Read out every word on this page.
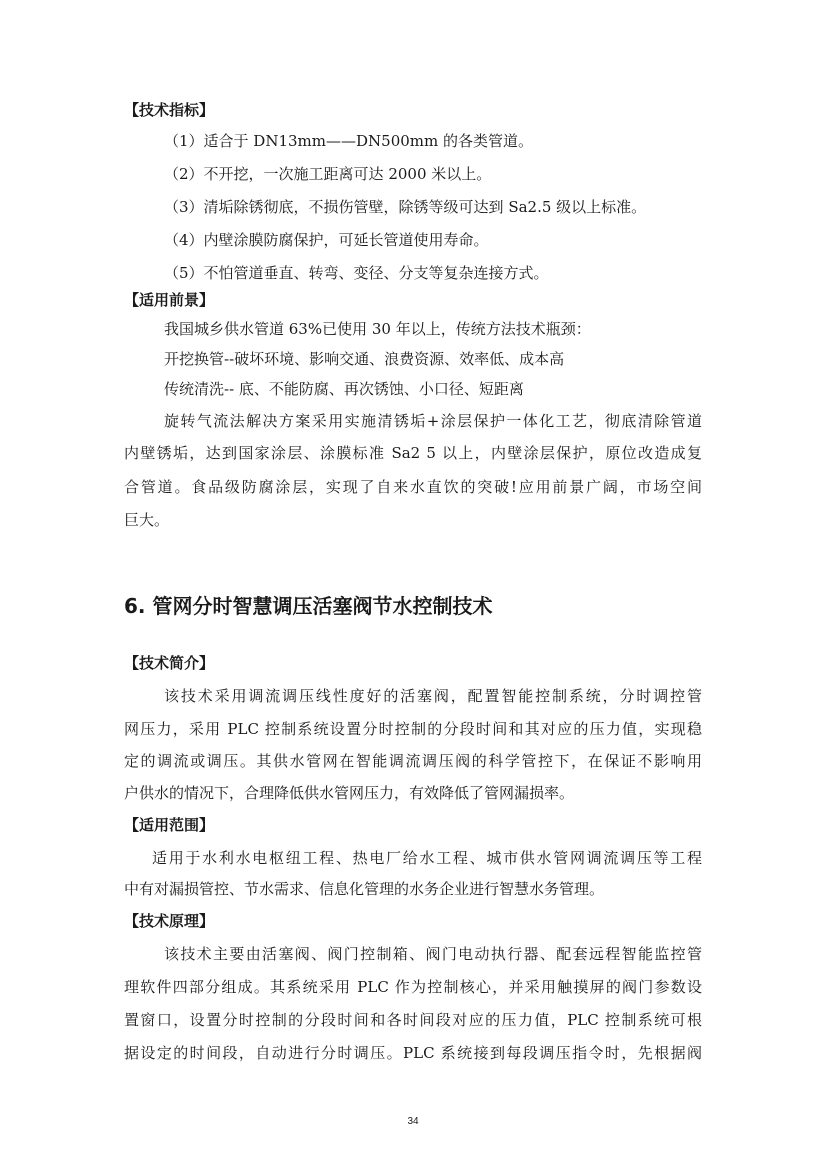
【技术指标】
（1）适合于 DN13mm——DN500mm 的各类管道。
（2）不开挖，一次施工距离可达 2000 米以上。
（3）清垢除锈彻底，不损伤管壁，除锈等级可达到 Sa2.5 级以上标准。
（4）内壁涂膜防腐保护，可延长管道使用寿命。
（5）不怕管道垂直、转弯、变径、分支等复杂连接方式。
【适用前景】
我国城乡供水管道 63%已使用 30 年以上，传统方法技术瓶颈：
开挖换管--破坏环境、影响交通、浪费资源、效率低、成本高
传统清洗-- 底、不能防腐、再次锈蚀、小口径、短距离
旋转气流法解决方案采用实施清锈垢+涂层保护一体化工艺，彻底清除管道
内壁锈垢，达到国家涂层、涂膜标准 Sa2 5 以上，内壁涂层保护，原位改造成复
合管道。食品级防腐涂层，实现了自来水直饮的突破!应用前景广阔，市场空间
巨大。
6. 管网分时智慧调压活塞阀节水控制技术
【技术简介】
该技术采用调流调压线性度好的活塞阀，配置智能控制系统，分时调控管
网压力，采用 PLC 控制系统设置分时控制的分段时间和其对应的压力值，实现稳
定的调流或调压。其供水管网在智能调流调压阀的科学管控下，在保证不影响用
户供水的情况下，合理降低供水管网压力，有效降低了管网漏损率。
【适用范围】
适用于水利水电枢纽工程、热电厂给水工程、城市供水管网调流调压等工程
中有对漏损管控、节水需求、信息化管理的水务企业进行智慧水务管理。
【技术原理】
该技术主要由活塞阀、阀门控制箱、阀门电动执行器、配套远程智能监控管
理软件四部分组成。其系统采用 PLC 作为控制核心，并采用触摸屏的阀门参数设
置窗口，设置分时控制的分段时间和各时间段对应的压力值，PLC 控制系统可根
据设定的时间段，自动进行分时调压。PLC 系统接到每段调压指令时，先根据阀
34
